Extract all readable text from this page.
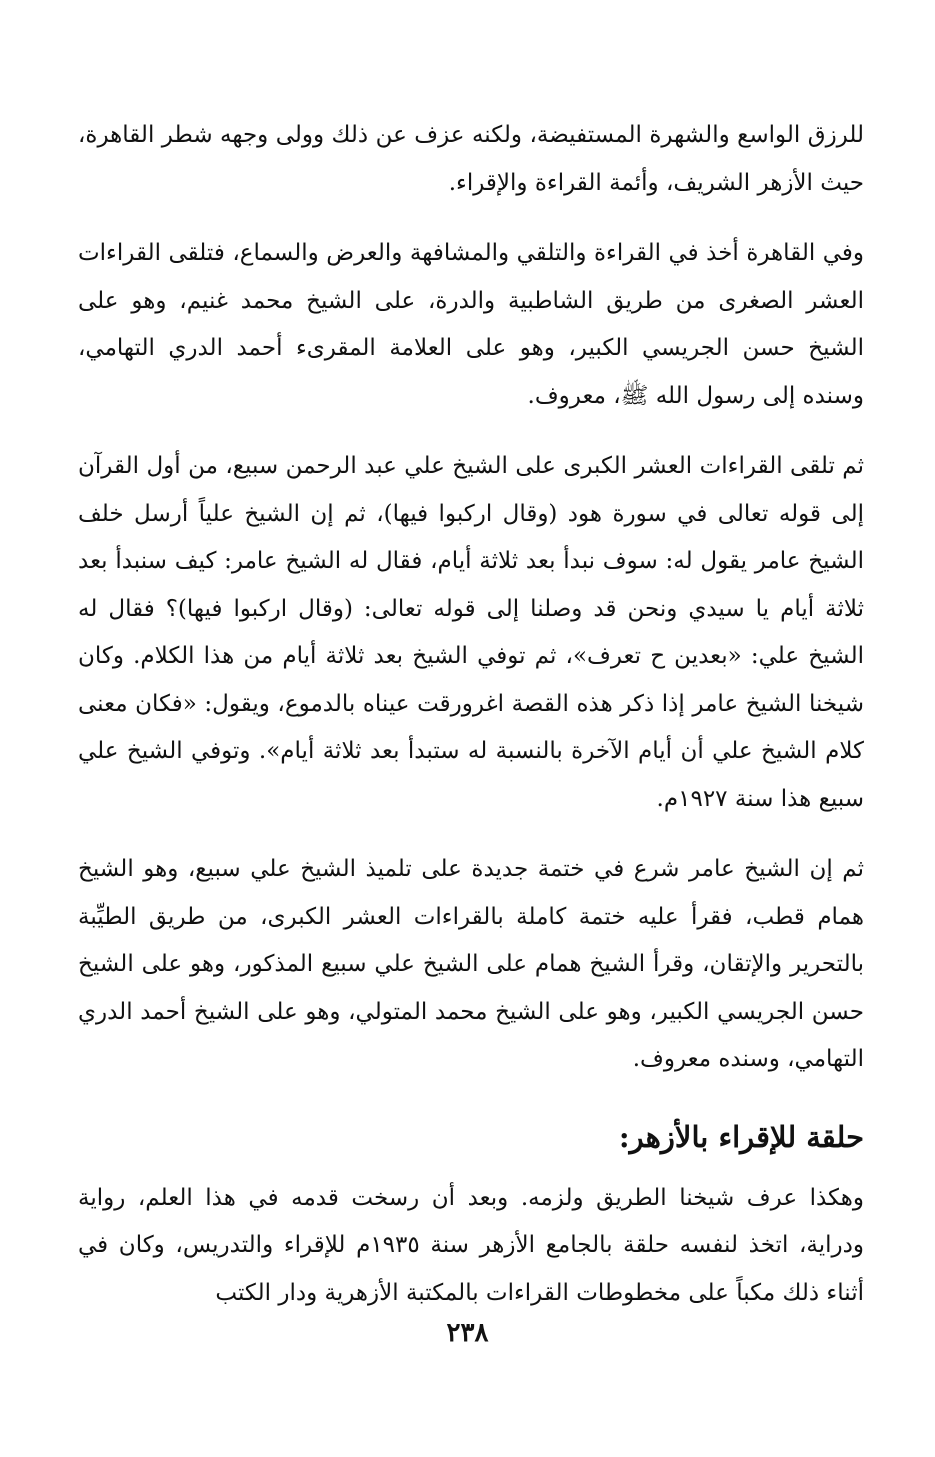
للرزق الواسع والشهرة المستفيضة، ولكنه عزف عن ذلك وولى وجهه شطر القاهرة، حيث الأزهر الشريف، وأئمة القراءة والإقراء.

وفي القاهرة أخذ في القراءة والتلقي والمشافهة والعرض والسماع، فتلقى القراءات العشر الصغرى من طريق الشاطبية والدرة، على الشيخ محمد غنيم، وهو على الشيخ حسن الجريسي الكبير، وهو على العلامة المقرىء أحمد الدري التهامي، وسنده إلى رسول الله ﷺ، معروف.

ثم تلقى القراءات العشر الكبرى على الشيخ علي عبد الرحمن سبيع، من أول القرآن إلى قوله تعالى في سورة هود (وقال اركبوا فيها)، ثم إن الشيخ علياً أرسل خلف الشيخ عامر يقول له: سوف نبدأ بعد ثلاثة أيام، فقال له الشيخ عامر: كيف سنبدأ بعد ثلاثة أيام يا سيدي ونحن قد وصلنا إلى قوله تعالى: (وقال اركبوا فيها)؟ فقال له الشيخ علي: «بعدين ح تعرف»، ثم توفي الشيخ بعد ثلاثة أيام من هذا الكلام. وكان شيخنا الشيخ عامر إذا ذكر هذه القصة اغرورقت عيناه بالدموع، ويقول: «فكان معنى كلام الشيخ علي أن أيام الآخرة بالنسبة له ستبدأ بعد ثلاثة أيام». وتوفي الشيخ علي سبيع هذا سنة ١٩٢٧م.

ثم إن الشيخ عامر شرع في ختمة جديدة على تلميذ الشيخ علي سبيع، وهو الشيخ همام قطب، فقرأ عليه ختمة كاملة بالقراءات العشر الكبرى، من طريق الطيِّبة بالتحرير والإتقان، وقرأ الشيخ همام على الشيخ علي سبيع المذكور، وهو على الشيخ حسن الجريسي الكبير، وهو على الشيخ محمد المتولي، وهو على الشيخ أحمد الدري التهامي، وسنده معروف.

حلقة للإقراء بالأزهر:

وهكذا عرف شيخنا الطريق ولزمه. وبعد أن رسخت قدمه في هذا العلم، رواية ودراية، اتخذ لنفسه حلقة بالجامع الأزهر سنة ١٩٣٥م للإقراء والتدريس، وكان في أثناء ذلك مكباً على مخطوطات القراءات بالمكتبة الأزهرية ودار الكتب

٢٣٨
